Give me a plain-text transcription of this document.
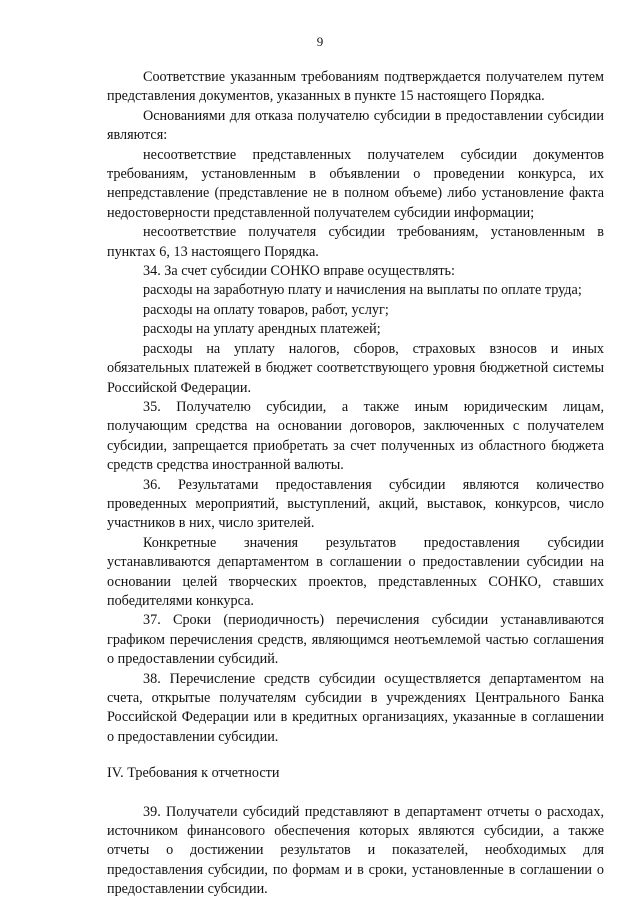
9

Соответствие указанным требованиям подтверждается получателем путем представления документов, указанных в пункте 15 настоящего Порядка.

Основаниями для отказа получателю субсидии в предоставлении субсидии являются:

несоответствие представленных получателем субсидии документов требованиям, установленным в объявлении о проведении конкурса, их непредставление (представление не в полном объеме) либо установление факта недостоверности представленной получателем субсидии информации;

несоответствие получателя субсидии требованиям, установленным в пунктах 6, 13 настоящего Порядка.

34. За счет субсидии СОНКО вправе осуществлять:

расходы на заработную плату и начисления на выплаты по оплате труда;

расходы на оплату товаров, работ, услуг;

расходы на уплату арендных платежей;

расходы на уплату налогов, сборов, страховых взносов и иных обязательных платежей в бюджет соответствующего уровня бюджетной системы Российской Федерации.

35. Получателю субсидии, а также иным юридическим лицам, получающим средства на основании договоров, заключенных с получателем субсидии, запрещается приобретать за счет полученных из областного бюджета средств средства иностранной валюты.

36. Результатами предоставления субсидии являются количество проведенных мероприятий, выступлений, акций, выставок, конкурсов, число участников в них, число зрителей.

Конкретные значения результатов предоставления субсидии устанавливаются департаментом в соглашении о предоставлении субсидии на основании целей творческих проектов, представленных СОНКО, ставших победителями конкурса.

37. Сроки (периодичность) перечисления субсидии устанавливаются графиком перечисления средств, являющимся неотъемлемой частью соглашения о предоставлении субсидий.

38. Перечисление средств субсидии осуществляется департаментом на счета, открытые получателям субсидии в учреждениях Центрального Банка Российской Федерации или в кредитных организациях, указанные в соглашении о предоставлении субсидии.

IV. Требования к отчетности

39. Получатели субсидий представляют в департамент отчеты о расходах, источником финансового обеспечения которых являются субсидии, а также отчеты о достижении результатов и показателей, необходимых для предоставления субсидии, по формам и в сроки, установленные в соглашении о предоставлении субсидии.
